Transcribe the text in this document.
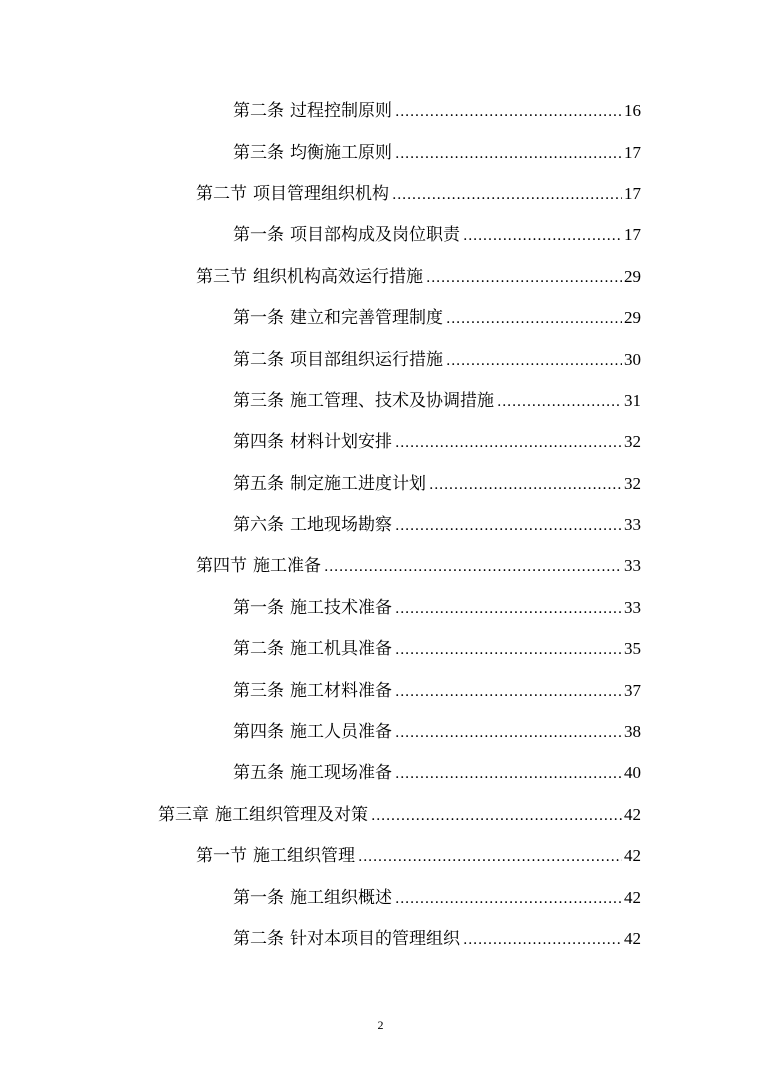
第二条 过程控制原则 .....	16
第三条 均衡施工原则 .....	17
第二节 项目管理组织机构 .....	17
第一条 项目部构成及岗位职责 .....	17
第三节 组织机构高效运行措施 .....	29
第一条 建立和完善管理制度 .....	29
第二条 项目部组织运行措施 .....	30
第三条 施工管理、技术及协调措施 .....	31
第四条 材料计划安排 .....	32
第五条 制定施工进度计划 .....	32
第六条 工地现场勘察 .....	33
第四节 施工准备 .....	33
第一条 施工技术准备 .....	33
第二条 施工机具准备 .....	35
第三条 施工材料准备 .....	37
第四条 施工人员准备 .....	38
第五条 施工现场准备 .....	40
第三章 施工组织管理及对策 .....	42
第一节 施工组织管理 .....	42
第一条 施工组织概述 .....	42
第二条 针对本项目的管理组织 .....	42
2
